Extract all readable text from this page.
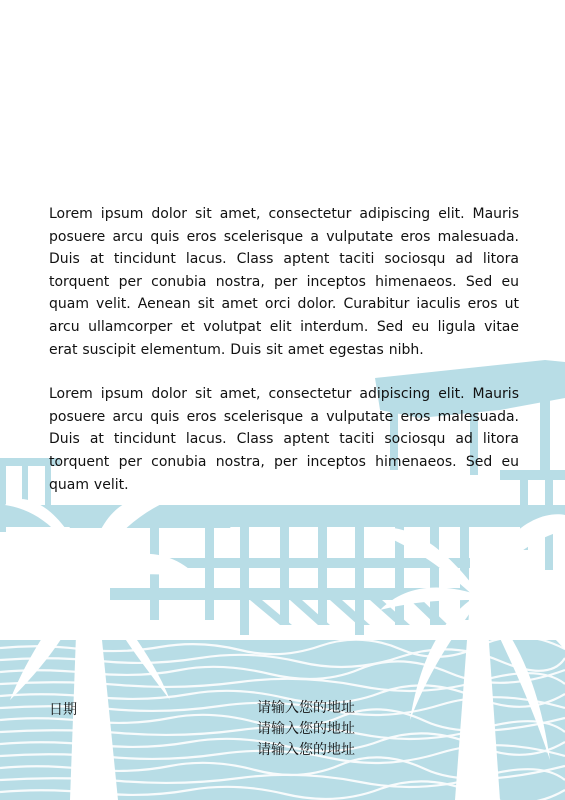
Lorem ipsum dolor sit amet, consectetur adipiscing elit. Mauris posuere arcu quis eros scelerisque a vulputate eros malesuada. Duis at tincidunt lacus. Class aptent taciti sociosqu ad litora torquent per conubia nostra, per inceptos himenaeos. Sed eu quam velit. Aenean sit amet orci dolor. Curabitur iaculis eros ut arcu ullamcorper et volutpat elit interdum. Sed eu ligula vitae erat suscipit elementum. Duis sit amet egestas nibh.

Lorem ipsum dolor sit amet, consectetur adipiscing elit. Mauris posuere arcu quis eros scelerisque a vulputate eros malesuada. Duis at tincidunt lacus. Class aptent taciti sociosqu ad litora torquent per conubia nostra, per inceptos himenaeos. Sed eu quam velit.

日期	请输入您的地址
请输入您的地址
请输入您的地址
